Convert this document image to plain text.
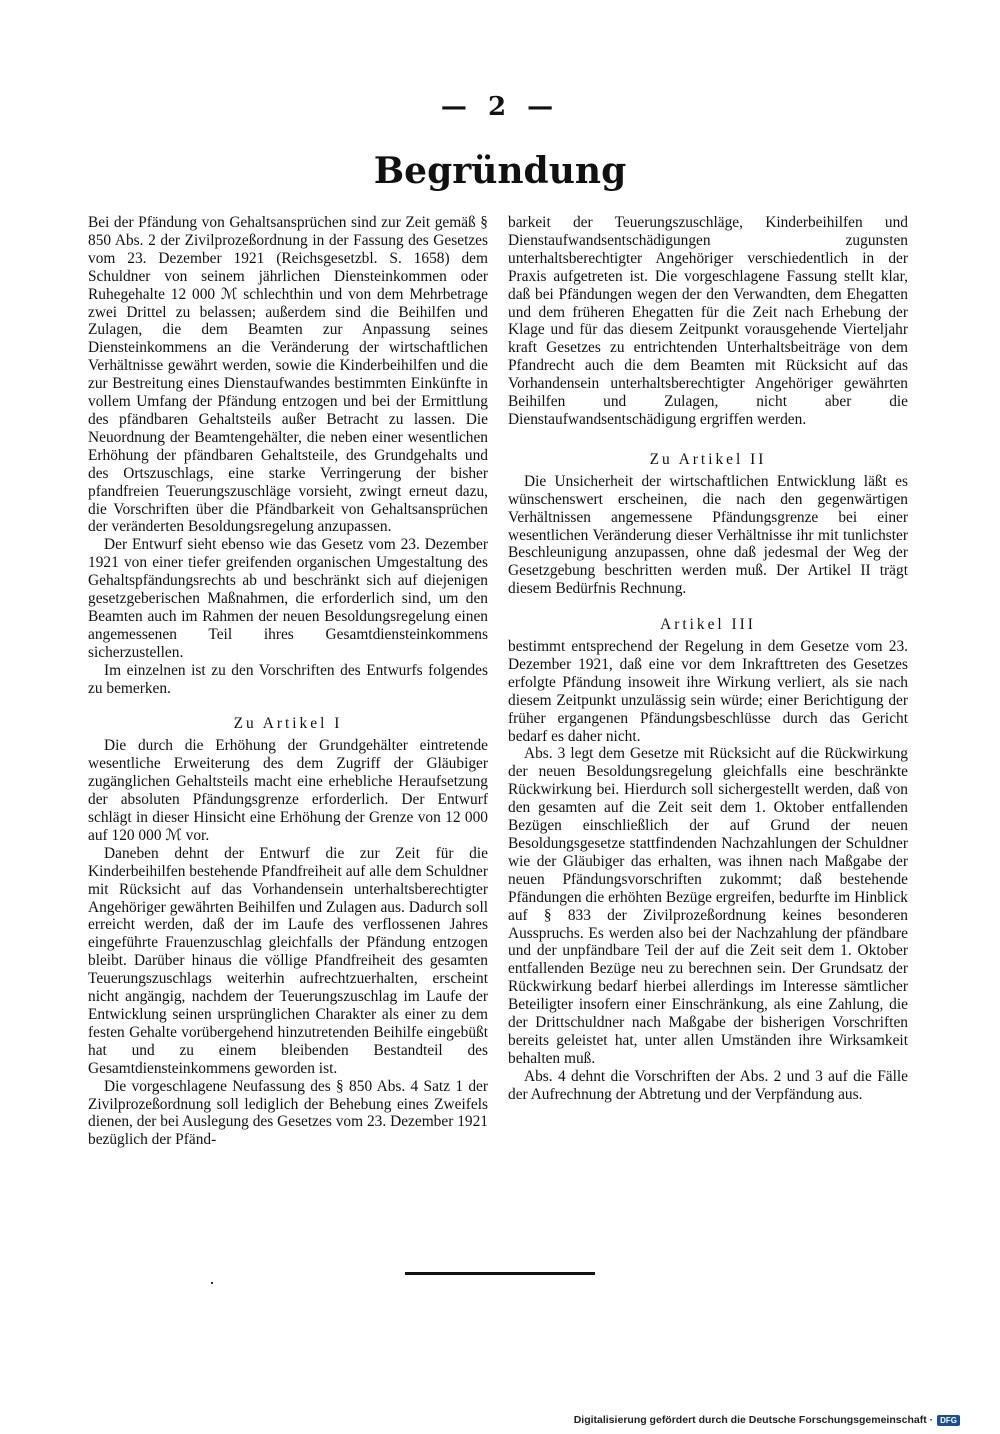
— 2 —
Begründung

Bei der Pfändung von Gehaltsansprüchen sind zur Zeit gemäß § 850 Abs. 2 der Zivilprozeßordnung in der Fassung des Gesetzes vom 23. Dezember 1921 (Reichsgesetzbl. S. 1658) dem Schuldner von seinem jährlichen Diensteinkommen oder Ruhegehalte 12 000 ℳ schlechthin und von dem Mehrbetrage zwei Drittel zu belassen; außerdem sind die Beihilfen und Zulagen, die dem Beamten zur Anpassung seines Diensteinkommens an die Veränderung der wirtschaftlichen Verhältnisse gewährt werden, sowie die Kinderbeihilfen und die zur Bestreitung eines Dienstaufwandes bestimmten Einkünfte in vollem Umfang der Pfändung entzogen und bei der Ermittlung des pfändbaren Gehaltsteils außer Betracht zu lassen. Die Neuordnung der Beamtengehälter, die neben einer wesentlichen Erhöhung der pfändbaren Gehaltsteile, des Grundgehalts und des Ortszuschlags, eine starke Verringerung der bisher pfandfreien Teuerungszuschläge vorsieht, zwingt erneut dazu, die Vorschriften über die Pfändbarkeit von Gehaltsansprüchen der veränderten Besoldungsregelung anzupassen.

Der Entwurf sieht ebenso wie das Gesetz vom 23. Dezember 1921 von einer tiefer greifenden organischen Umgestaltung des Gehaltspfändungsrechts ab und beschränkt sich auf diejenigen gesetzgeberischen Maßnahmen, die erforderlich sind, um den Beamten auch im Rahmen der neuen Besoldungsregelung einen angemessenen Teil ihres Gesamtdiensteinkommens sicherzustellen.

Im einzelnen ist zu den Vorschriften des Entwurfs folgendes zu bemerken.

Zu Artikel I

Die durch die Erhöhung der Grundgehälter eintretende wesentliche Erweiterung des dem Zugriff der Gläubiger zugänglichen Gehaltsteils macht eine erhebliche Heraufsetzung der absoluten Pfändungsgrenze erforderlich. Der Entwurf schlägt in dieser Hinsicht eine Erhöhung der Grenze von 12 000 auf 120 000 ℳ vor.

Daneben dehnt der Entwurf die zur Zeit für die Kinderbeihilfen bestehende Pfandfreiheit auf alle dem Schuldner mit Rücksicht auf das Vorhandensein unterhaltsberechtigter Angehöriger gewährten Beihilfen und Zulagen aus. Dadurch soll erreicht werden, daß der im Laufe des verflossenen Jahres eingeführte Frauenzuschlag gleichfalls der Pfändung entzogen bleibt. Darüber hinaus die völlige Pfandfreiheit des gesamten Teuerungszuschlags weiterhin aufrechtzuerhalten, erscheint nicht angängig, nachdem der Teuerungszuschlag im Laufe der Entwicklung seinen ursprünglichen Charakter als einer zu dem festen Gehalte vorübergehend hinzutretenden Beihilfe eingebüßt hat und zu einem bleibenden Bestandteil des Gesamtdiensteinkommens geworden ist.

Die vorgeschlagene Neufassung des § 850 Abs. 4 Satz 1 der Zivilprozeßordnung soll lediglich der Behebung eines Zweifels dienen, der bei Auslegung des Gesetzes vom 23. Dezember 1921 bezüglich der Pfänd-

barkeit der Teuerungszuschläge, Kinderbeihilfen und Dienstaufwandsentschädigungen zugunsten unterhaltsberechtigter Angehöriger verschiedentlich in der Praxis aufgetreten ist. Die vorgeschlagene Fassung stellt klar, daß bei Pfändungen wegen der den Verwandten, dem Ehegatten und dem früheren Ehegatten für die Zeit nach Erhebung der Klage und für das diesem Zeitpunkt vorausgehende Vierteljahr kraft Gesetzes zu entrichtenden Unterhaltsbeiträge von dem Pfandrecht auch die dem Beamten mit Rücksicht auf das Vorhandensein unterhaltsberechtigter Angehöriger gewährten Beihilfen und Zulagen, nicht aber die Dienstaufwandsentschädigung ergriffen werden.

Zu Artikel II

Die Unsicherheit der wirtschaftlichen Entwicklung läßt es wünschenswert erscheinen, die nach den gegenwärtigen Verhältnissen angemessene Pfändungsgrenze bei einer wesentlichen Veränderung dieser Verhältnisse ihr mit tunlichster Beschleunigung anzupassen, ohne daß jedesmal der Weg der Gesetzgebung beschritten werden muß. Der Artikel II trägt diesem Bedürfnis Rechnung.

Artikel III

bestimmt entsprechend der Regelung in dem Gesetze vom 23. Dezember 1921, daß eine vor dem Inkrafttreten des Gesetzes erfolgte Pfändung insoweit ihre Wirkung verliert, als sie nach diesem Zeitpunkt unzulässig sein würde; einer Berichtigung der früher ergangenen Pfändungsbeschlüsse durch das Gericht bedarf es daher nicht.

Abs. 3 legt dem Gesetze mit Rücksicht auf die Rückwirkung der neuen Besoldungsregelung gleichfalls eine beschränkte Rückwirkung bei. Hierdurch soll sichergestellt werden, daß von den gesamten auf die Zeit seit dem 1. Oktober entfallenden Bezügen einschließlich der auf Grund der neuen Besoldungsgesetze stattfindenden Nachzahlungen der Schuldner wie der Gläubiger das erhalten, was ihnen nach Maßgabe der neuen Pfändungsvorschriften zukommt; daß bestehende Pfändungen die erhöhten Bezüge ergreifen, bedurfte im Hinblick auf § 833 der Zivilprozeßordnung keines besonderen Ausspruchs. Es werden also bei der Nachzahlung der pfändbare und der unpfändbare Teil der auf die Zeit seit dem 1. Oktober entfallenden Bezüge neu zu berechnen sein. Der Grundsatz der Rückwirkung bedarf hierbei allerdings im Interesse sämtlicher Beteiligter insofern einer Einschränkung, als eine Zahlung, die der Drittschuldner nach Maßgabe der bisherigen Vorschriften bereits geleistet hat, unter allen Umständen ihre Wirksamkeit behalten muß.

Abs. 4 dehnt die Vorschriften der Abs. 2 und 3 auf die Fälle der Aufrechnung der Abtretung und der Verpfändung aus.

Digitalisierung gefördert durch die Deutsche Forschungsgemeinschaft · DFG
